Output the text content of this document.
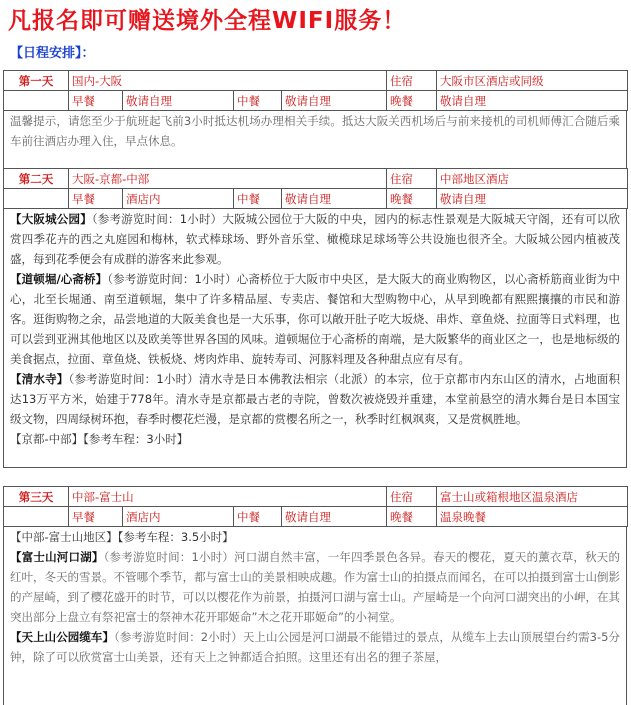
凡报名即可赠送境外全程WIFI服务！
【日程安排】：
第一天	国内-大阪				住宿	大阪市区酒店或同级
	早餐	敬请自理	中餐	敬请自理	晚餐	敬请自理
温馨提示，请您至少于航班起飞前3小时抵达机场办理相关手续。抵达大阪关西机场后与前来接机的司机师傅汇合随后乘车前往酒店办理入住，早点休息。
第二天	大阪-京都-中部				住宿	中部地区酒店
	早餐	酒店内	中餐	敬请自理	晚餐	敬请自理
【大阪城公园】（参考游览时间：1小时）大阪城公园位于大阪的中央，园内的标志性景观是大阪城天守阁，还有可以欣赏四季花卉的西之丸庭园和梅林，软式棒球场、野外音乐堂、橄榄球足球场等公共设施也很齐全。大阪城公园内植被茂盛，每到花季便会有成群的游客来此参观。
【道顿堀/心斋桥】（参考游览时间：1小时）心斋桥位于大阪市中央区，是大阪大的商业购物区，以心斋桥筋商业街为中心，北至长堀通、南至道顿堀，集中了许多精品屋、专卖店、餐馆和大型购物中心，从早到晚都有熙熙攘攘的市民和游客。逛街购物之余，品尝地道的大阪美食也是一大乐事，你可以敞开肚子吃大坂烧、串炸、章鱼烧、拉面等日式料理，也可以尝到亚洲其他地区以及欧美等世界各国的风味。道顿堀位于心斋桥的南端，是大阪繁华的商业区之一，也是地标级的美食据点，拉面、章鱼烧、铁板烧、烤肉炸串、旋转寿司、河豚料理及各种甜点应有尽有。
【清水寺】（参考游览时间：1小时）清水寺是日本佛教法相宗（北派）的本宗，位于京都市内东山区的清水，占地面积达13万平方米，始建于778年。清水寺是京都最古老的寺院，曾数次被烧毁并重建，本堂前悬空的清水舞台是日本国宝级文物，四周绿树环抱，春季时樱花烂漫，是京都的赏樱名所之一，秋季时红枫飒爽，又是赏枫胜地。
【京都-中部】【参考车程：3小时】
第三天	中部-富士山				住宿	富士山或箱根地区温泉酒店
	早餐	酒店内	中餐	敬请自理	晚餐	温泉晚餐
【中部-富士山地区】【参考车程：3.5小时】
【富士山河口湖】（参考游览时间：1小时）河口湖自然丰富，一年四季景色各异。春天的樱花，夏天的薰衣草，秋天的红叶，冬天的雪景。不管哪个季节，都与富士山的美景相映成趣。作为富士山的拍摄点而闻名，在可以拍摄到富士山倒影的产屋崎，到了樱花盛开的时节，可以以樱花作为前景，拍摄河口湖与富士山。产屋崎是一个向河口湖突出的小岬，在其突出部分上盘立有祭祀富士的祭神木花开耶姬命”木之花开耶姬命”的小祠堂。
【天上山公园缆车】（参考游览时间：2小时）天上山公园是河口湖最不能错过的景点，从缆车上去山顶展望台约需3-5分钟，除了可以欣赏富士山美景，还有天上之钟都适合拍照。这里还有出名的狸子茶屋，
